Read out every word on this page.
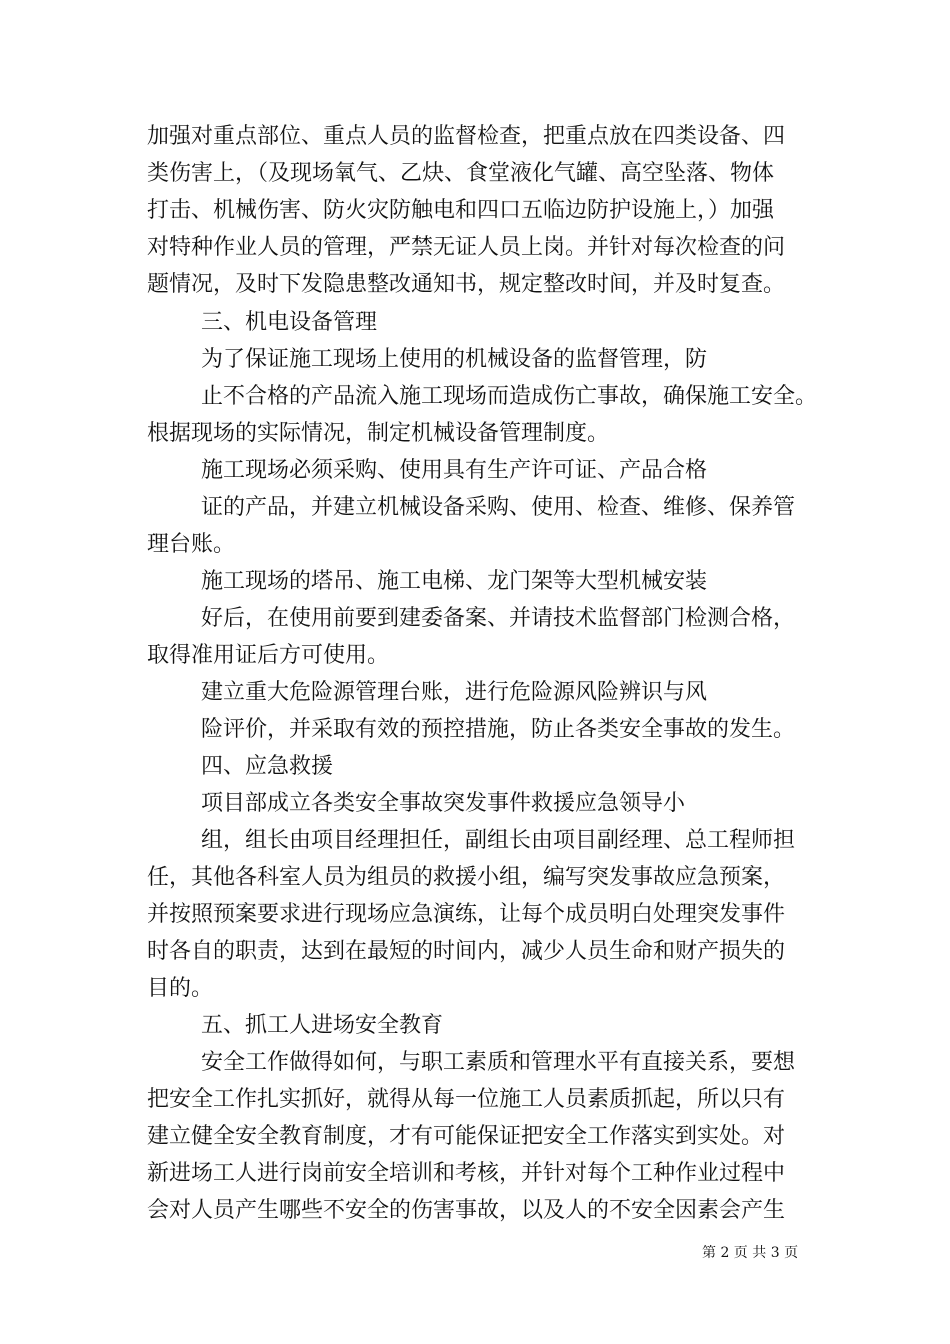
加强对重点部位、重点人员的监督检查，把重点放在四类设备、四
类伤害上，（及现场氧气、乙炔、食堂液化气罐、高空坠落、物体
打击、机械伤害、防火灾防触电和四口五临边防护设施上，）加强
对特种作业人员的管理，严禁无证人员上岗。并针对每次检查的问
题情况，及时下发隐患整改通知书，规定整改时间，并及时复查。
三、机电设备管理
为了保证施工现场上使用的机械设备的监督管理，防
止不合格的产品流入施工现场而造成伤亡事故，确保施工安全。
根据现场的实际情况，制定机械设备管理制度。
施工现场必须采购、使用具有生产许可证、产品合格
证的产品，并建立机械设备采购、使用、检查、维修、保养管
理台账。
施工现场的塔吊、施工电梯、龙门架等大型机械安装
好后，在使用前要到建委备案、并请技术监督部门检测合格，
取得准用证后方可使用。
建立重大危险源管理台账，进行危险源风险辨识与风
险评价，并采取有效的预控措施，防止各类安全事故的发生。
四、应急救援
项目部成立各类安全事故突发事件救援应急领导小
组，组长由项目经理担任，副组长由项目副经理、总工程师担
任，其他各科室人员为组员的救援小组，编写突发事故应急预案，
并按照预案要求进行现场应急演练，让每个成员明白处理突发事件
时各自的职责，达到在最短的时间内，减少人员生命和财产损失的
目的。
五、抓工人进场安全教育
安全工作做得如何，与职工素质和管理水平有直接关系，要想
把安全工作扎实抓好，就得从每一位施工人员素质抓起，所以只有
建立健全安全教育制度，才有可能保证把安全工作落实到实处。对
新进场工人进行岗前安全培训和考核，并针对每个工种作业过程中
会对人员产生哪些不安全的伤害事故，以及人的不安全因素会产生
第 2 页 共 3 页
